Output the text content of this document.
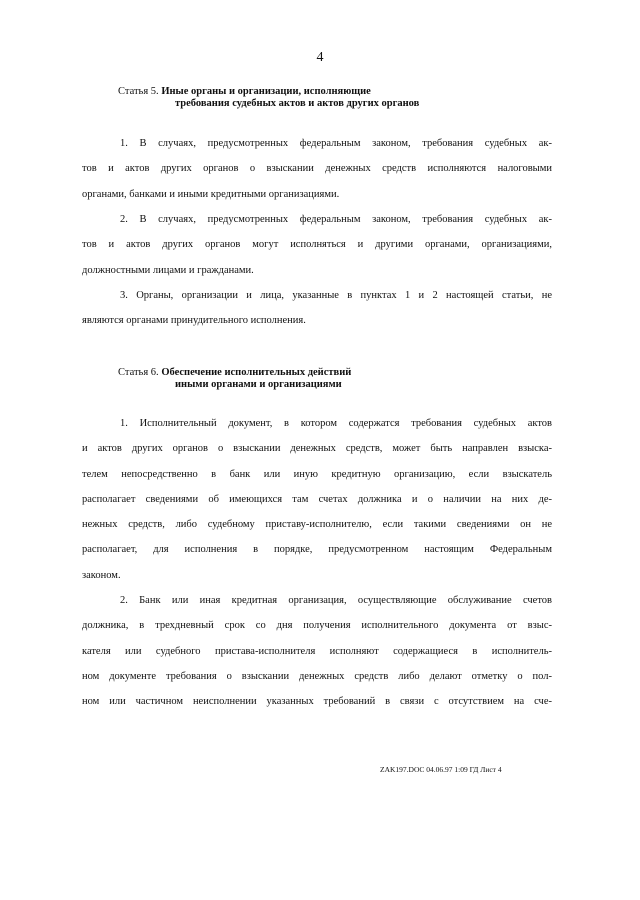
4
Статья 5. Иные органы и организации, исполняющие
требования судебных актов и актов других органов

1. В случаях, предусмотренных федеральным законом, требования судебных ак-
тов и актов других органов о взыскании денежных средств исполняются налоговыми
органами, банками и иными кредитными организациями.

2. В случаях, предусмотренных федеральным законом, требования судебных ак-
тов и актов других органов могут исполняться и другими органами, организациями,
должностными лицами и гражданами.

3. Органы, организации и лица, указанные в пунктах 1 и 2 настоящей статьи, не
являются органами принудительного исполнения.

Статья 6. Обеспечение исполнительных действий
иными органами и организациями

1. Исполнительный документ, в котором содержатся требования судебных актов
и актов других органов о взыскании денежных средств, может быть направлен взыска-
телем непосредственно в банк или иную кредитную организацию, если взыскатель
располагает сведениями об имеющихся там счетах должника и о наличии на них де-
нежных средств, либо судебному приставу-исполнителю, если такими сведениями он не
располагает, для исполнения в порядке, предусмотренном настоящим Федеральным
законом.

2. Банк или иная кредитная организация, осуществляющие обслуживание счетов
должника, в трехдневный срок со дня получения исполнительного документа от взыс-
кателя или судебного пристава-исполнителя исполняют содержащиеся в исполнитель-
ном документе требования о взыскании денежных средств либо делают отметку о пол-
ном или частичном неисполнении указанных требований в связи с отсутствием на сче-

ZAK197.DOC 04.06.97 1:09 ГД Лист 4
